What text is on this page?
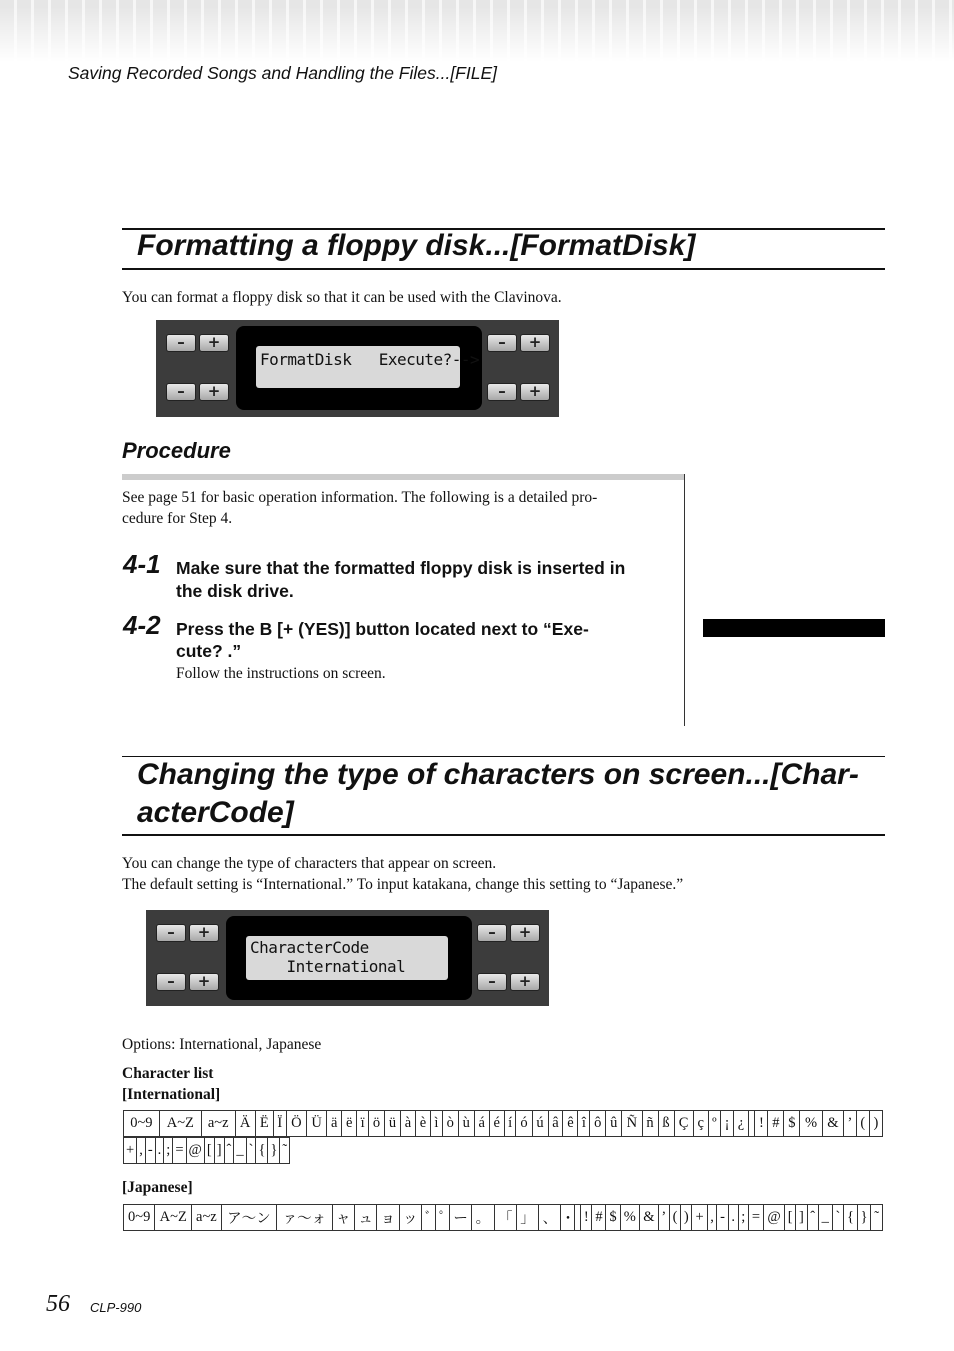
Saving Recorded Songs and Handling the Files...[FILE]
Formatting a floppy disk...[FormatDisk]
You can format a floppy disk so that it can be used with the Clavinova.
–	+
–	+
FormatDisk   Execute?-->
–	+
–	+
Procedure
See page 51 for basic operation information. The following is a detailed pro-
cedure for Step 4.
4-1 Make sure that the formatted floppy disk is inserted in
the disk drive.
4-2 Press the B [+ (YES)] button located next to “Exe-
cute? .”
Follow the instructions on screen.
Changing the type of characters on screen...[Char-
acterCode]
You can change the type of characters that appear on screen.
The default setting is “International.” To input katakana, change this setting to “Japanese.”
–	+
–	+
CharacterCode
International
–	+
–	+
Options: International, Japanese
Character list
[International]
0~9	A~Z	a~z	Ä	Ë	Ï	Ö	Ü	ä	ë	ï	ö	ü	à	è	ì	ò	ù	á	é	í	ó	ú	â	ê	î	ô	û	Ñ	ñ	ß	Ç	ç	º	¡	¿		!	#	$	%	&	’	(	)
+	,	-	.	;	=	@	[	]	ˆ	_	`	{	}	˜
[Japanese]
0~9	A~Z	a~z	ア～ン	ァ～ォ	ャ	ュ	ョ	ッ	ﾞ	ﾟ	ー	。	「	」	、	･		!	#	$	%	&	’	(	)	+	,	-	.	;	=	@	[	]	ˆ	_	`	{	}	˜
56 CLP-990
